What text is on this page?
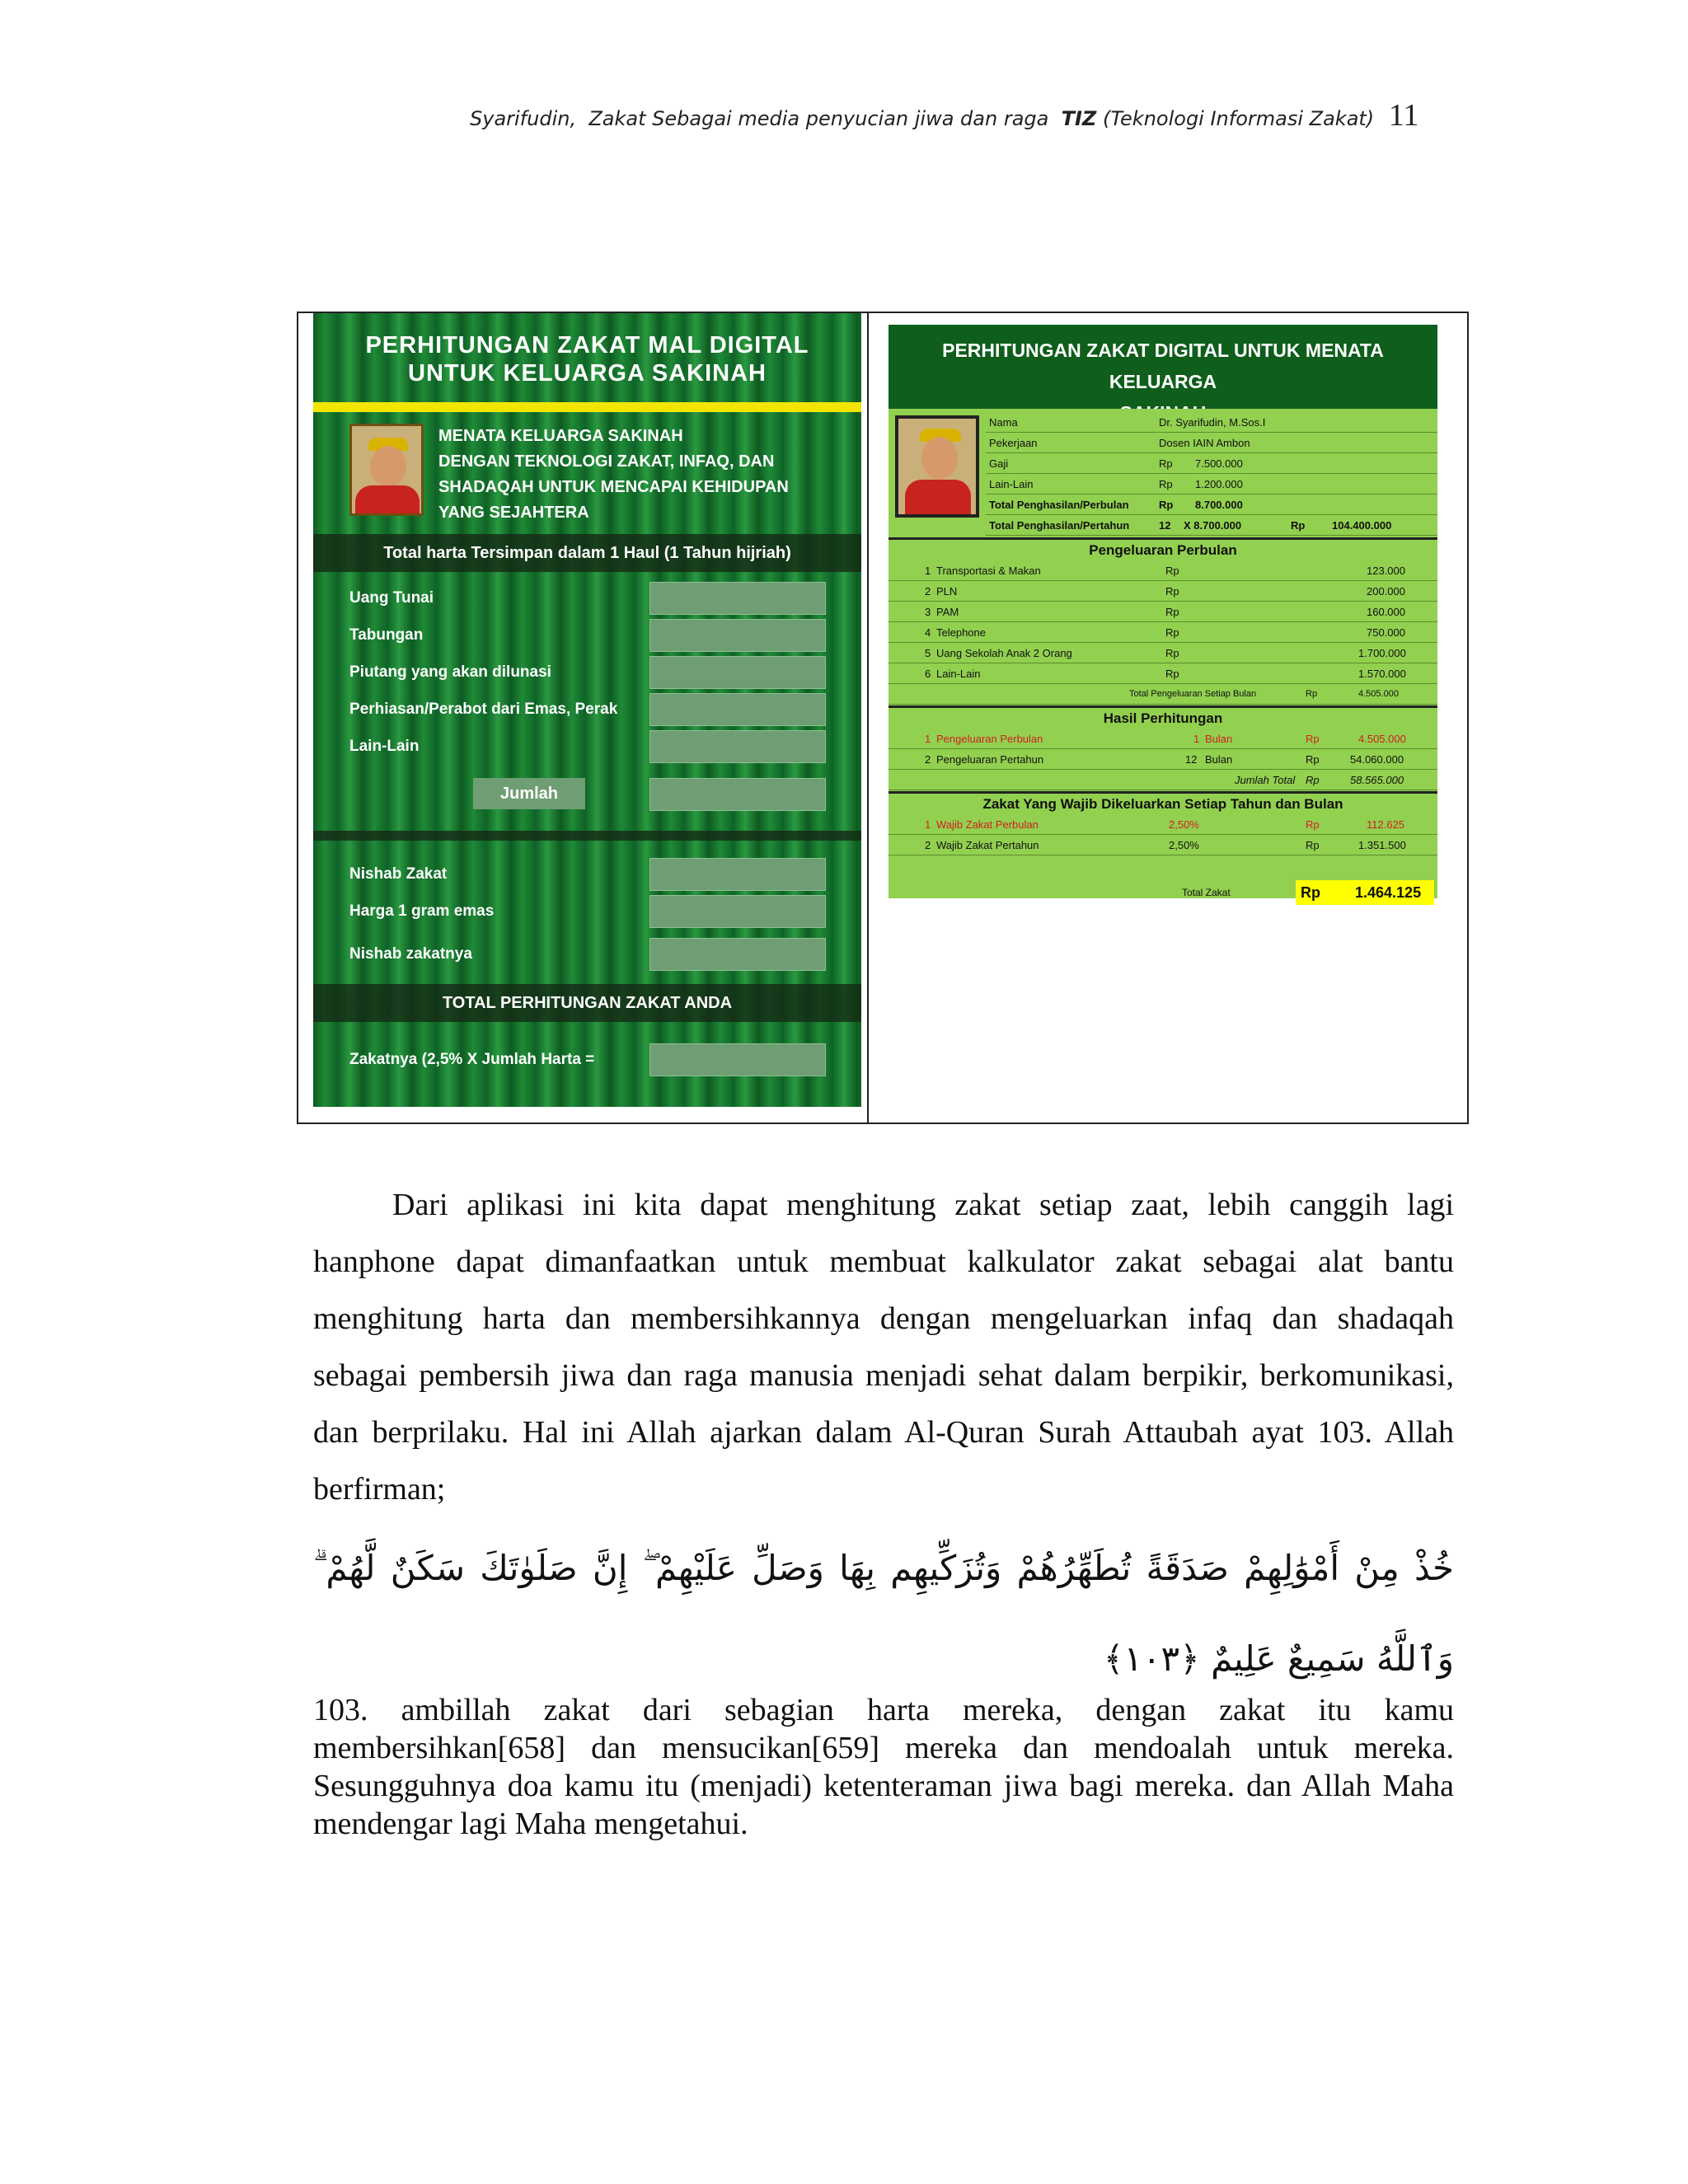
Syarifudin, Zakat Sebagai media penyucian jiwa dan raga TIZ (Teknologi Informasi Zakat) 11
PERHITUNGAN ZAKAT MAL DIGITAL
UNTUK KELUARGA SAKINAH
MENATA KELUARGA SAKINAH
DENGAN TEKNOLOGI ZAKAT, INFAQ, DAN
SHADAQAH UNTUK MENCAPAI KEHIDUPAN
YANG SEJAHTERA
Total harta Tersimpan dalam 1 Haul (1 Tahun hijriah)
Uang Tunai
Tabungan
Piutang yang akan dilunasi
Perhiasan/Perabot dari Emas, Perak
Lain-Lain
Jumlah
Nishab Zakat
Harga 1 gram emas
Nishab zakatnya
TOTAL PERHITUNGAN ZAKAT ANDA
Zakatnya (2,5% X Jumlah Harta =
PERHITUNGAN ZAKAT DIGITAL UNTUK MENATA KELUARGA
Nama	Dr. Syarifudin, M.Sos.I
Pekerjaan	Dosen IAIN Ambon
Gaji	Rp 7.500.000
Lain-Lain	Rp 1.200.000
Total Penghasilan/Perbulan	Rp 8.700.000
Total Penghasilan/Pertahun	12 X 8.700.000	Rp	104.400.000
Pengeluaran Perbulan
1 Transportasi & Makan	Rp	123.000
2 PLN	Rp	200.000
3 PAM	Rp	160.000
4 Telephone	Rp	750.000
5 Uang Sekolah Anak 2 Orang	Rp	1.700.000
6 Lain-Lain	Rp	1.570.000
Total Pengeluaran Setiap Bulan	Rp	4.505.000
Hasil Perhitungan
1 Pengeluaran Perbulan	1 Bulan	Rp	4.505.000
2 Pengeluaran Pertahun	12 Bulan	Rp	54.060.000
Jumlah Total Rp	58.565.000
Zakat Yang Wajib Dikeluarkan Setiap Tahun dan Bulan
1 Wajib Zakat Perbulan	2,50%	Rp	112.625
2 Wajib Zakat Pertahun	2,50%	Rp	1.351.500
Total Zakat	Rp 1.464.125
Dari aplikasi ini kita dapat menghitung zakat setiap zaat, lebih canggih lagi hanphone dapat dimanfaatkan untuk membuat kalkulator zakat sebagai alat bantu menghitung harta dan membersihkannya dengan mengeluarkan infaq dan shadaqah sebagai pembersih jiwa dan raga manusia menjadi sehat dalam berpikir, berkomunikasi, dan berprilaku. Hal ini Allah ajarkan dalam Al-Quran Surah Attaubah ayat 103. Allah berfirman;
خُذْ مِنْ أَمْوَٰلِهِمْ صَدَقَةً تُطَهِّرُهُمْ وَتُزَكِّيهِم بِهَا وَصَلِّ عَلَيْهِمْ ۖ إِنَّ صَلَوٰتَكَ سَكَنٌ لَّهُمْ ۗ وَٱللَّهُ سَمِيعٌ عَلِيمٌ ﴿١٠٣﴾
103. ambillah zakat dari sebagian harta mereka, dengan zakat itu kamu membersihkan[658] dan mensucikan[659] mereka dan mendoalah untuk mereka. Sesungguhnya doa kamu itu (menjadi) ketenteraman jiwa bagi mereka. dan Allah Maha mendengar lagi Maha mengetahui.
